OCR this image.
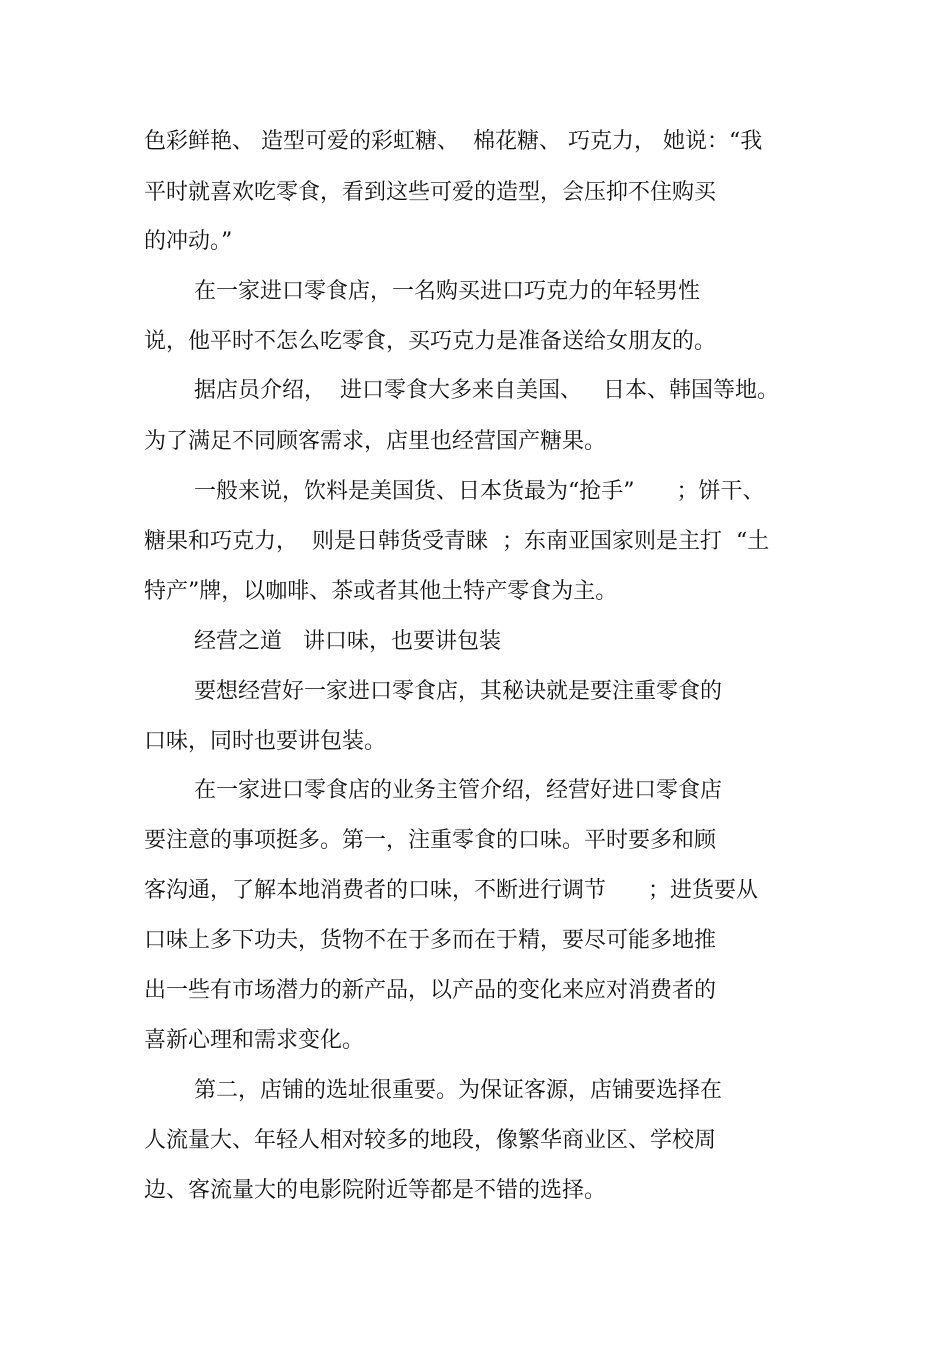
色彩鲜艳、 造型可爱的彩虹糖、  棉花糖、 巧克力， 她说：“我
平时就喜欢吃零食，看到这些可爱的造型，会压抑不住购买
的冲动。”
在一家进口零食店，一名购买进口巧克力的年轻男性
说，他平时不怎么吃零食，买巧克力是准备送给女朋友的。
据店员介绍，  进口零食大多来自美国、   日本、韩国等地。
为了满足不同顾客需求，店里也经营国产糖果。
一般来说，饮料是美国货、日本货最为“抢手”      ；饼干、
糖果和巧克力，  则是日韩货受青睐  ；东南亚国家则是主打  “土
特产”牌，以咖啡、茶或者其他土特产零食为主。
经营之道   讲口味，也要讲包装
要想经营好一家进口零食店，其秘诀就是要注重零食的
口味，同时也要讲包装。
在一家进口零食店的业务主管介绍，经营好进口零食店
要注意的事项挺多。第一，注重零食的口味。平时要多和顾
客沟通，了解本地消费者的口味，不断进行调节      ；进货要从
口味上多下功夫，货物不在于多而在于精，要尽可能多地推
出一些有市场潜力的新产品，以产品的变化来应对消费者的
喜新心理和需求变化。
第二，店铺的选址很重要。为保证客源，店铺要选择在
人流量大、年轻人相对较多的地段，像繁华商业区、学校周
边、客流量大的电影院附近等都是不错的选择。
